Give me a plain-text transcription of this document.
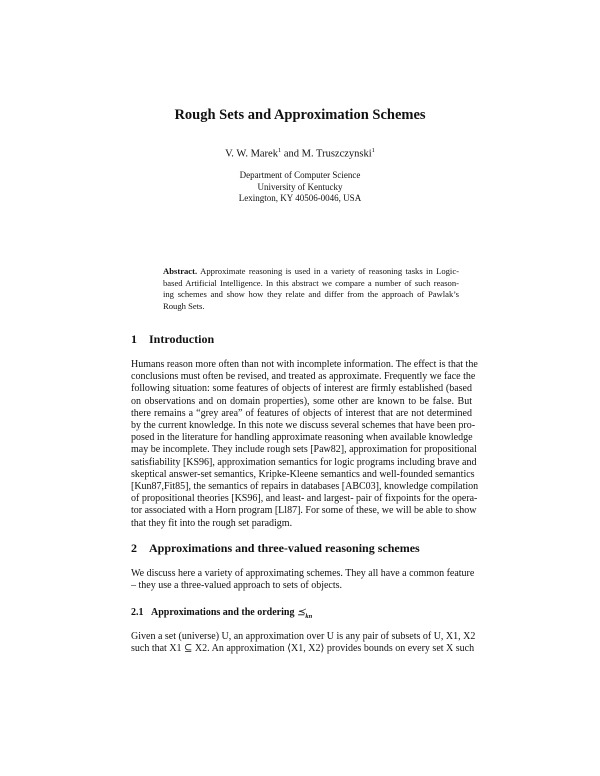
Rough Sets and Approximation Schemes
V. W. Marek$^1$ and M. Truszczynski$^1$
Department of Computer Science
University of Kentucky
Lexington, KY 40506-0046, USA
Abstract. Approximate reasoning is used in a variety of reasoning tasks in Logic-
based Artificial Intelligence. In this abstract we compare a number of such reason-
ing schemes and show how they relate and differ from the approach of Pawlak’s
Rough Sets.
1 Introduction
Humans reason more often than not with incomplete information. The effect is that the
conclusions must often be revised, and treated as approximate. Frequently we face the
following situation: some features of objects of interest are firmly established (based
on observations and on domain properties), some other are known to be false. But
there remains a “grey area” of features of objects of interest that are not determined
by the current knowledge. In this note we discuss several schemes that have been pro-
posed in the literature for handling approximate reasoning when available knowledge
may be incomplete. They include rough sets [Paw82], approximation for propositional
satisfiability [KS96], approximation semantics for logic programs including brave and
skeptical answer-set semantics, Kripke-Kleene semantics and well-founded semantics
[Kun87,Fit85], the semantics of repairs in databases [ABC03], knowledge compilation
of propositional theories [KS96], and least- and largest- pair of fixpoints for the opera-
tor associated with a Horn program [Ll87]. For some of these, we will be able to show
that they fit into the rough set paradigm.
2 Approximations and three-valued reasoning schemes
We discuss here a variety of approximating schemes. They all have a common feature
– they use a three-valued approach to sets of objects.
2.1 Approximations and the ordering $⪯_{kn}$
Given a set (universe) U, an approximation over U is any pair of subsets of U, X1, X2
such that X1 ⊆ X2. An approximation ⟨X1, X2⟩ provides bounds on every set X such
